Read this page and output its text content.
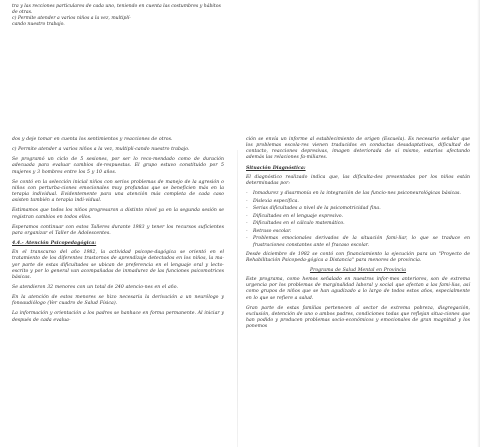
dos y deje tomar en cuenta los sentimientos y reacciones de otros.

c) Permite atender a varios niños a la vez, multipli-cando nuestro trabajo.

Se programó un ciclo de 5 sesiones, por ser lo reco-mendado como de duración adecuada para evaluar cambios de-respuestas. El grupo estuvo constituido por 5 mujeres y 3 hombres entre los 5 y 10 años.

Se contó en la selección inicial niños con serios problemas de manejo de la agresión o niños con perturba-ciones emocionales muy profundas que se beneficien más en la terapia individual. Evidentemente para una atención más completa de cada caso asisten también a terapia indi-vidual.

Estimamos que todos los niños progresaron a distinto nivel ya en la segunda sesión se registran cambios en todos ellos.

Esperamos continuar con estos Talleres durante 1983 y tener los recursos suficientes para organizar el Taller de Adolescentes.

4.4.- Atención Psicopedagógica:

En el transcurso del año 1982, la actividad psicope-dagógica se orientó en el tratamiento de los diferentes trastornos de aprendizaje detectados en los niños, la ma-yor parte de estas dificultades se ubican de preferencia en el lenguaje oral y lecto-escrito y por lo general van acompañadas de inmadurez de las funciones psicomotrices básicas.

Se atendieron 32 menores con un total de 240 atencio-nes en el año.

En la atención de estos menores se hizo necesaria la derivación a un neurólogo y fonoaudiólogo (Ver cuadro de Salud Física).

La información y orientación a los padres se hanhace en forma permanente. Al iniciar y después de cada evalua-

tra y las recciones particulares de cada uno, teniendo en cuenta las costumbres y hábitos

de otras.

c) Permite atender a varios niños a la vez, multiplí-

cando nuestro trabajo.

ción se envía un informe al establecimiento de origen (Escuela). Es necesario señalar que los problemas escola-res vienen traducidos en conductas desadaptativas, dificultad de contacto, reacciones depresivas, imagen deteriorada de sí mismo, estarlos afectando además las relaciones fa-miliares.

Situación Diagnóstica:

El diagnóstico realizado indica que, las dificulta-des presentadas por los niños están determinadas por:

- Inmadurez y disarmonía en la integración de las funcio-nes psiconeurológicas básicas.
- Dislexia específica.
- Serias dificultades a nivel de la psicomotricidad fina.
- Dificultades en el lenguaje expresivo.
- Dificultades en el cálculo matemático.
- Retraso escolar.
- Problemas emocionales derivados de la situación fami-liar, lo que se traduce en frustraciones constantes ante el fracaso escolar.

Desde diciembre de 1982 se contó con financiamiento la ejecución para un "Proyecto de Rehabilitación Psicopeda-gógica a Distancia" para menores de provincia.

Programa de Salud Mental en Provincia

Este programa, como hemos señalado en nuestros infor-mes anteriores, son de extrema urgencia por los problemas de marginalidad laboral y social que afectan a las fami-lias, así como grupos de niños que se han agudizado a lo largo de todos estos años, especialmente en lo que se refiere a salud.

Gran parte de estas familias pertenecen al sector de extrema pobreza, disgregación, exclusión, detención de uno o ambos padres, condiciones todas que reflejan situa-ciones que han podido y producen problemas socio-económicos y emocionales de gran magnitud y los ponemos
